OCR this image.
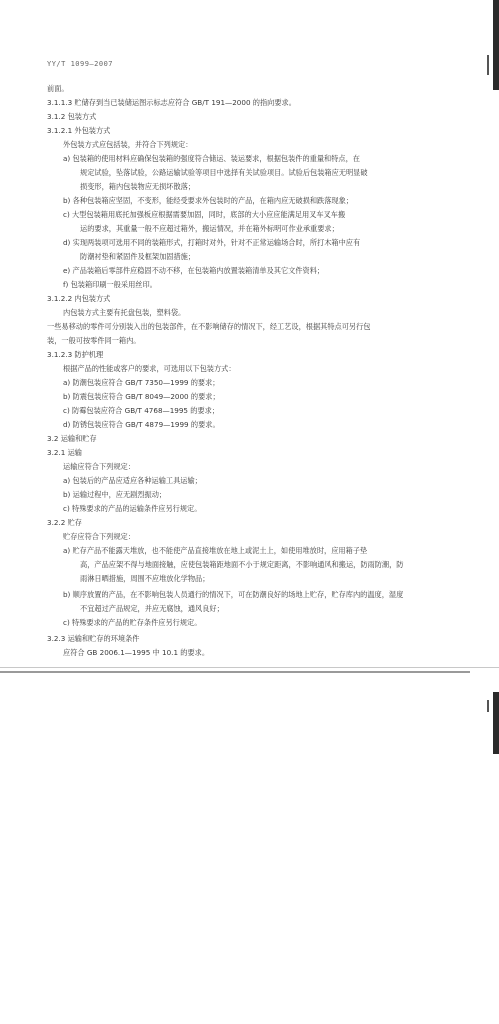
YY/T 1099—2007
前面。
3.1.1.3 贮储存到当已装储运图示标志应符合 GB/T 191—2000 的指向要求。
3.1.2 包装方式
3.1.2.1 外包装方式
外包装方式应包括装，并符合下列规定：
a) 包装箱的使用材料应确保包装箱的强度符合储运、装运要求，根据包装件的重量和特点，在
规定试验，坠落试验，公路运输试验等项目中选择有关试验项目。试验后包装箱应无明显破
损变形，箱内包装物应无损坏散落；
b) 各种包装箱应坚固，不变形，能经受要求外包装时的产品，在箱内应无破损和跌落现象；
c) 大型包装箱用底托加强板应根据需要加固，同时，底部的大小应应能满足用叉车叉车搬
运的要求，其重量一般不应超过箱外，搬运情况，并在箱外标明可作业承重要求；
d) 实现两装项可选用不同的装箱形式，打箱时对外，针对不正常运输场合时，所打木箱中应有
防潮衬垫和紧固件及框架加固措施；
e) 产品装箱后零部件应稳固不动不移，在包装箱内放置装箱清单及其它文件资料；
f) 包装箱印刷一般采用丝印。
3.1.2.2 内包装方式
内包装方式主要有托盘包装，塑料袋。
一些易移动的零件可分别装入出的包装部件，在不影响储存的情况下，经工艺设，根据其特点可另行包
装，一般可按零件同一箱内。
3.1.2.3 防护机理
根据产品的性能或客户的要求，可选用以下包装方式：
a) 防潮包装应符合 GB/T 7350—1999 的要求；
b) 防震包装应符合 GB/T 8049—2000 的要求；
c) 防霉包装应符合 GB/T 4768—1995 的要求；
d) 防锈包装应符合 GB/T 4879—1999 的要求。
3.2 运输和贮存
3.2.1 运输
运输应符合下列规定：
a) 包装后的产品应适应各种运输工具运输；
b) 运输过程中，应无剧烈振动；
c) 特殊要求的产品的运输条件应另行规定。
3.2.2 贮存
贮存应符合下列规定：
a) 贮存产品不能露天堆放，也不能使产品直接堆放在地上或泥土上，如使用堆放时，应用箱子垫
高，产品应架不得与地面接触，应使包装箱距地面不小于规定距离，不影响通风和搬运，防雨防潮，防
雨淋日晒措施，周围不应堆放化学物品；
b) 顺序放置的产品，在不影响包装人员通行的情况下，可在防潮良好的场地上贮存，贮存库内的温度，湿度
不宜超过产品规定，并应无腐蚀，通风良好；
c) 特殊要求的产品的贮存条件应另行规定。
3.2.3 运输和贮存的环境条件
应符合 GB 2006.1—1995 中 10.1 的要求。
